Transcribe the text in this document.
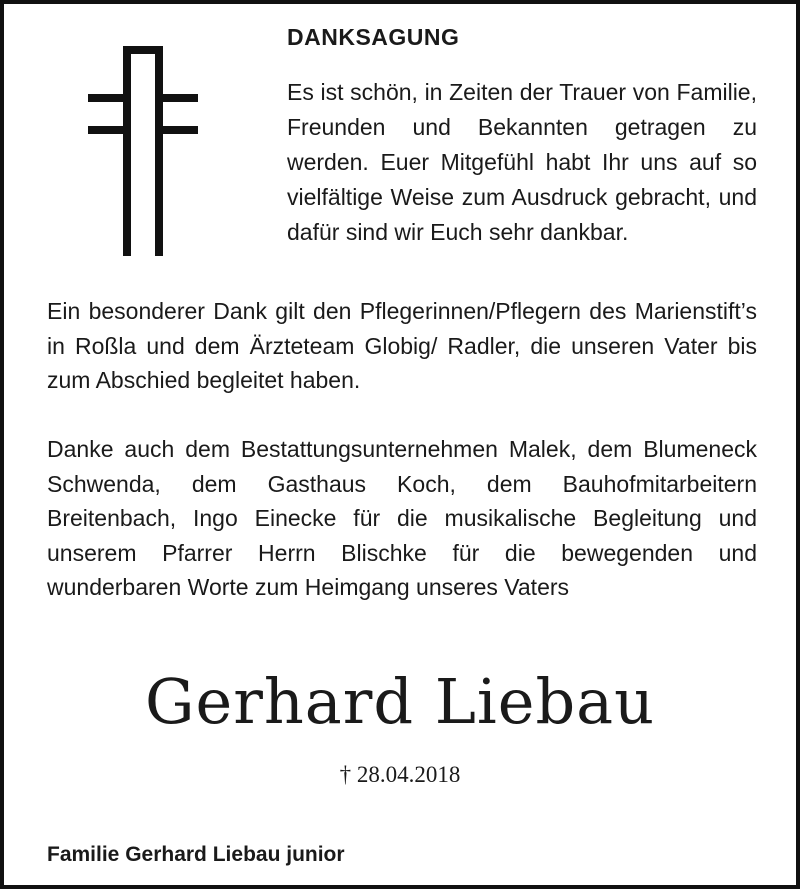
DANKSAGUNG

Es ist schön, in Zeiten der Trauer von Familie, Freunden und Bekannten getragen zu werden. Euer Mitgefühl habt Ihr uns auf so vielfältige Weise zum Ausdruck gebracht, und dafür sind wir Euch sehr dankbar.

Ein besonderer Dank gilt den Pflegerinnen/Pflegern des Marienstift’s in Roßla und dem Ärzteteam Globig/ Radler, die unseren Vater bis zum Abschied begleitet haben.

Danke auch dem Bestattungsunternehmen Malek, dem Blumeneck Schwenda, dem Gasthaus Koch, dem Bauhofmitarbeitern Breitenbach, Ingo Einecke für die musikalische Begleitung und unserem Pfarrer Herrn Blischke für die bewegenden und wunderbaren Worte zum Heimgang unseres Vaters

Gerhard Liebau
† 28.04.2018
Familie Gerhard Liebau junior
